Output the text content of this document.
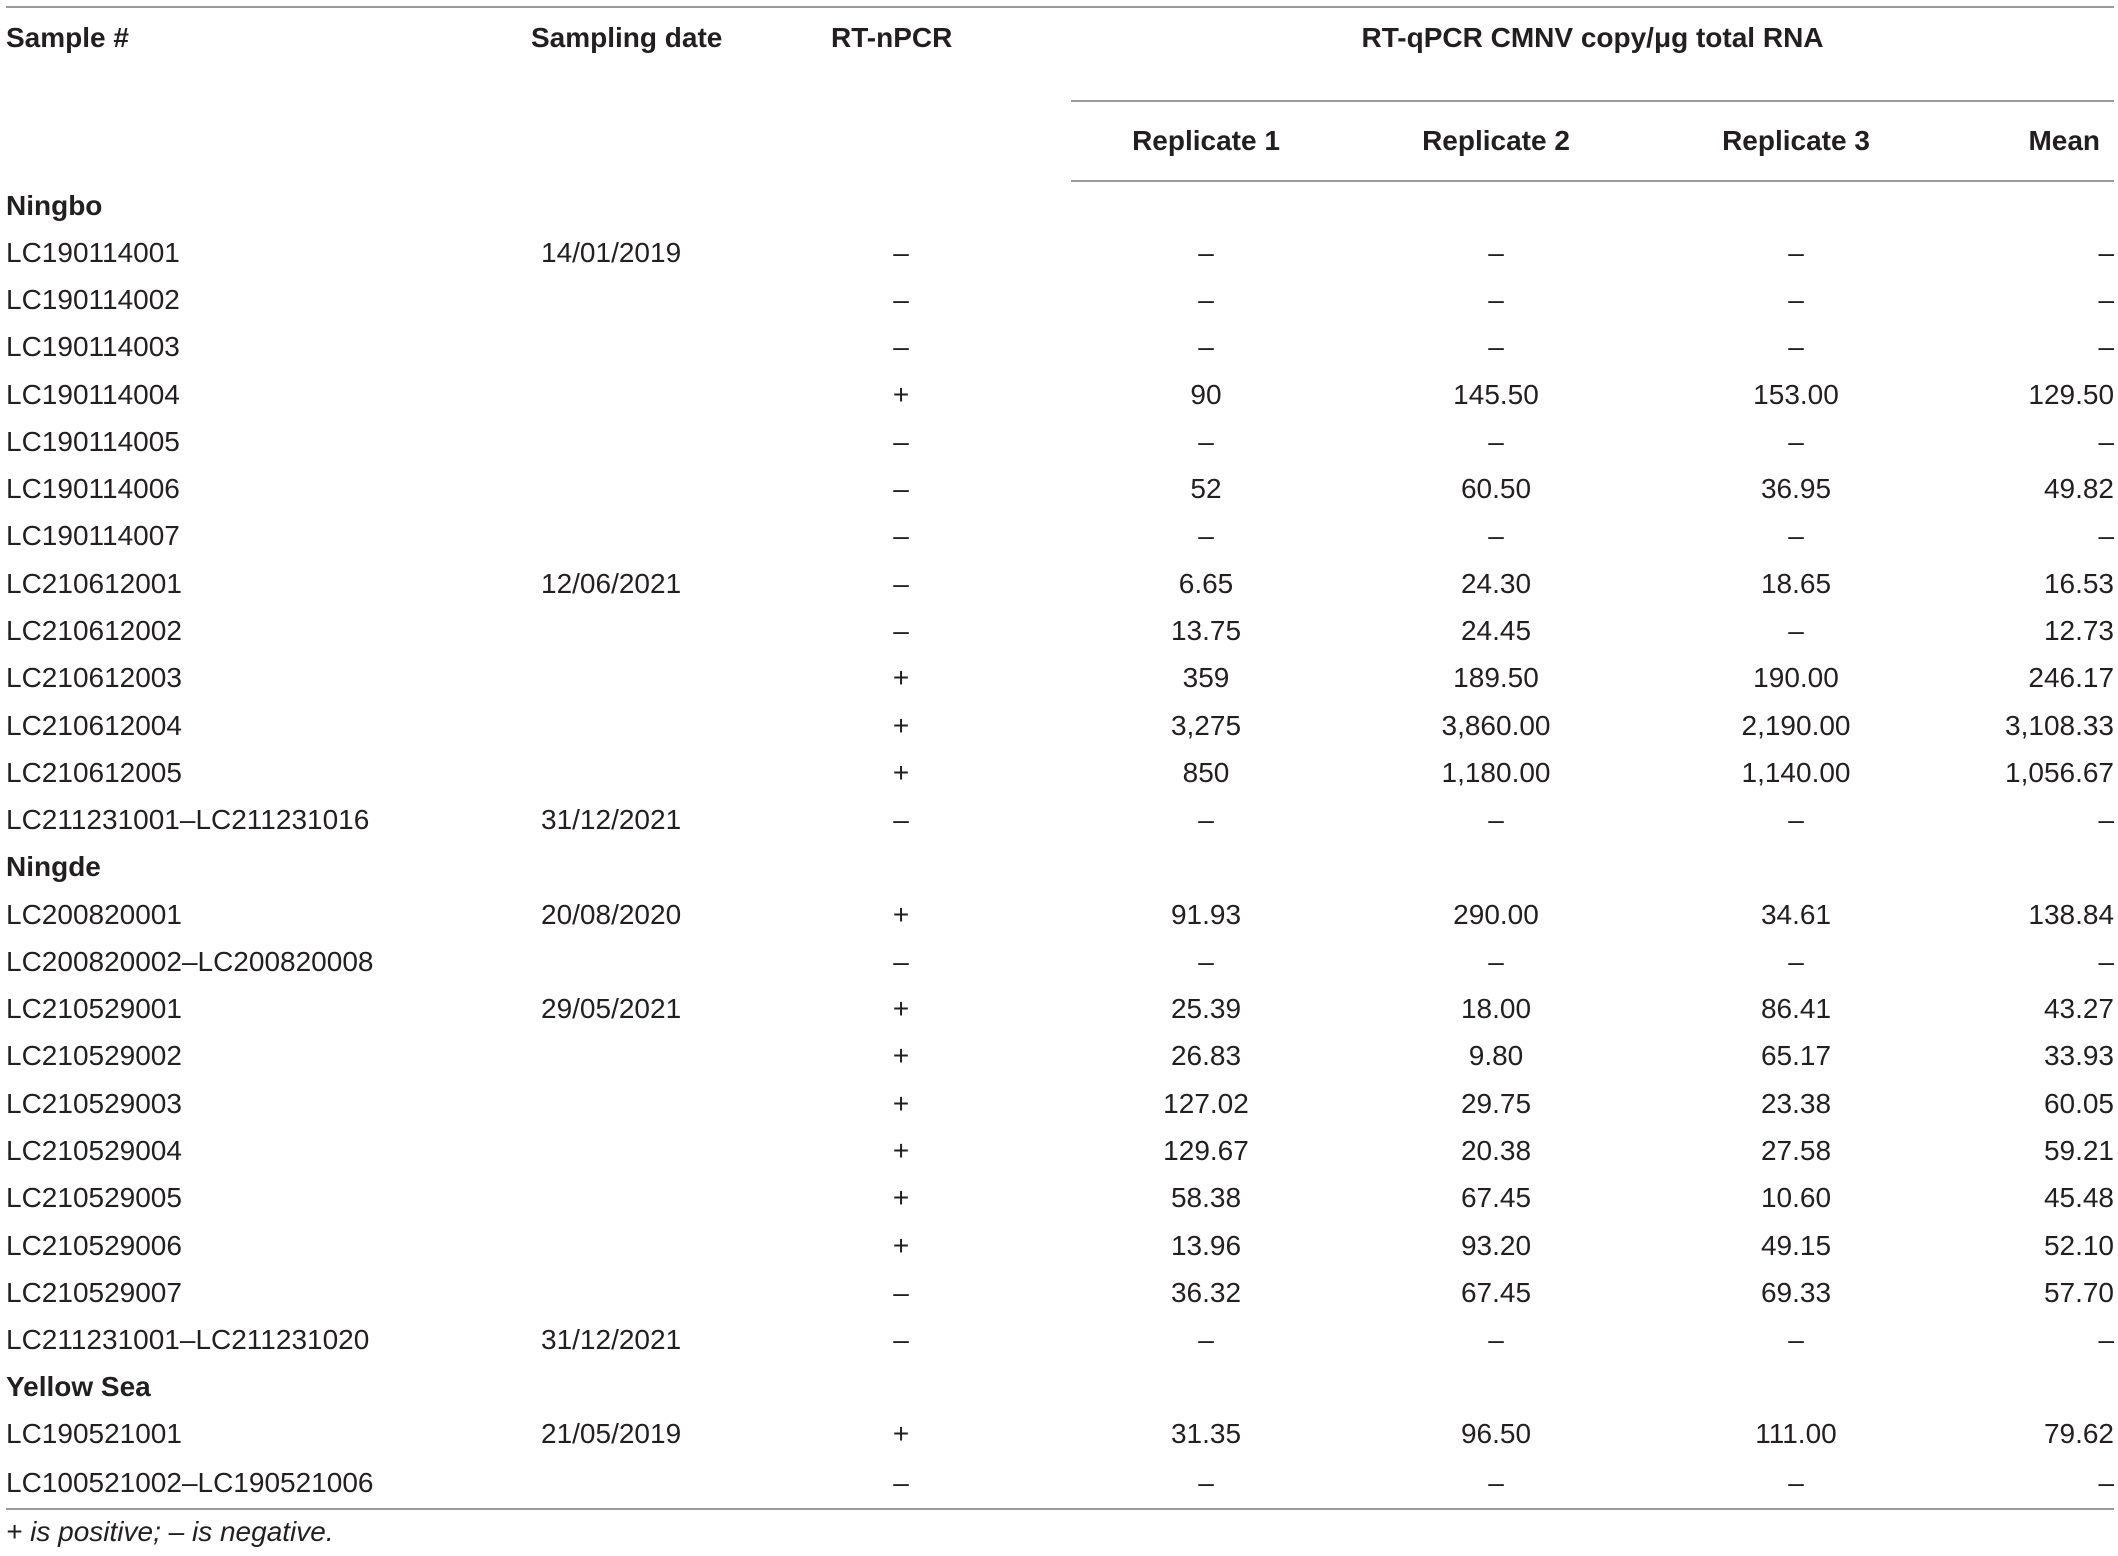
Sample #	Sampling date	RT-nPCR	RT-qPCR CMNV copy/μg total RNA			
			Replicate 1	Replicate 2	Replicate 3	Mean
Ningbo						
LC190114001	14/01/2019	–	–	–	–	–
LC190114002		–	–	–	–	–
LC190114003		–	–	–	–	–
LC190114004		+	90	145.50	153.00	129.50
LC190114005		–	–	–	–	–
LC190114006		–	52	60.50	36.95	49.82
LC190114007		–	–	–	–	–
LC210612001	12/06/2021	–	6.65	24.30	18.65	16.53
LC210612002		–	13.75	24.45	–	12.73
LC210612003		+	359	189.50	190.00	246.17
LC210612004		+	3,275	3,860.00	2,190.00	3,108.33
LC210612005		+	850	1,180.00	1,140.00	1,056.67
LC211231001–LC211231016	31/12/2021	–	–	–	–	–
Ningde						
LC200820001	20/08/2020	+	91.93	290.00	34.61	138.84
LC200820002–LC200820008		–	–	–	–	–
LC210529001	29/05/2021	+	25.39	18.00	86.41	43.27
LC210529002		+	26.83	9.80	65.17	33.93
LC210529003		+	127.02	29.75	23.38	60.05
LC210529004		+	129.67	20.38	27.58	59.21
LC210529005		+	58.38	67.45	10.60	45.48
LC210529006		+	13.96	93.20	49.15	52.10
LC210529007		–	36.32	67.45	69.33	57.70
LC211231001–LC211231020	31/12/2021	–	–	–	–	–
Yellow Sea						
LC190521001	21/05/2019	+	31.35	96.50	111.00	79.62
LC100521002–LC190521006		–	–	–	–	–
+ is positive; – is negative.
